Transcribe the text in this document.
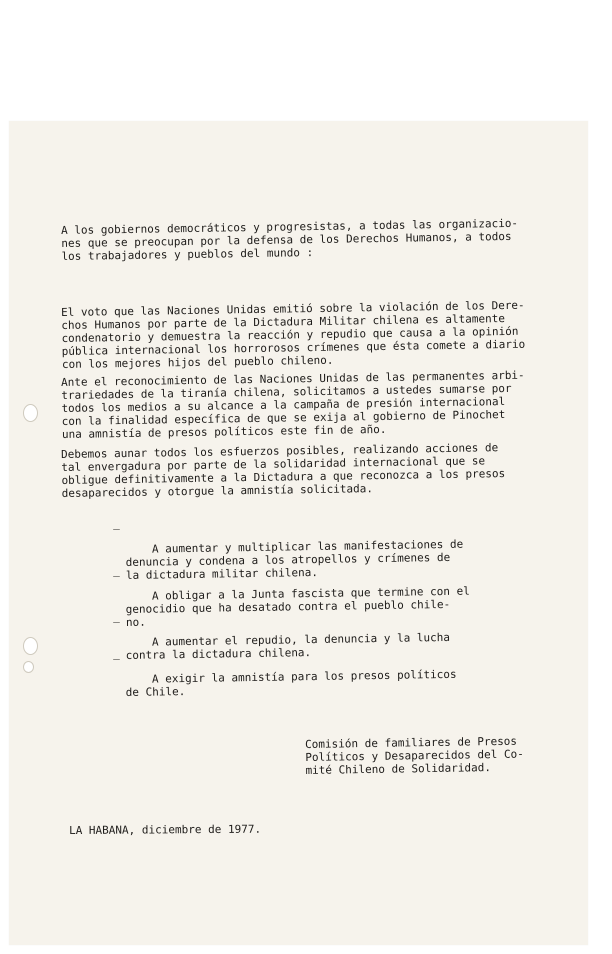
A los gobiernos democráticos y progresistas, a todas las organizacio-
nes que se preocupan por la defensa de los Derechos Humanos, a todos
los trabajadores y pueblos del mundo :
El voto que las Naciones Unidas emitió sobre la violación de los Dere-
chos Humanos por parte de la Dictadura Militar chilena es altamente
condenatorio y demuestra la reacción y repudio que causa a la opinión
pública internacional los horrorosos crímenes que ésta comete a diario
con los mejores hijos del pueblo chileno.
Ante el reconocimiento de las Naciones Unidas de las permanentes arbi-
trariedades de la tiranía chilena, solicitamos a ustedes sumarse por
todos los medios a su alcance a la campaña de presión internacional
con la finalidad específica de que se exija al gobierno de Pinochet
una amnistía de presos políticos este fin de año.
Debemos aunar todos los esfuerzos posibles, realizando acciones de
tal envergadura por parte de la solidaridad internacional que se
obligue definitivamente a la Dictadura a que reconozca a los presos
desaparecidos y otorgue la amnistía solicitada.

_

A aumentar y multiplicar las manifestaciones de
denuncia y condena a los atropellos y crímenes de
la dictadura militar chilena.

_

A obligar a la Junta fascista que termine con el
genocidio que ha desatado contra el pueblo chile-
no.

_

A aumentar el repudio, la denuncia y la lucha
contra la dictadura chilena.

_

A exigir la amnistía para los presos políticos
de Chile.

Comisión de familiares de Presos
Políticos y Desaparecidos del Co-
mité Chileno de Solidaridad.
LA HABANA, diciembre de 1977.
